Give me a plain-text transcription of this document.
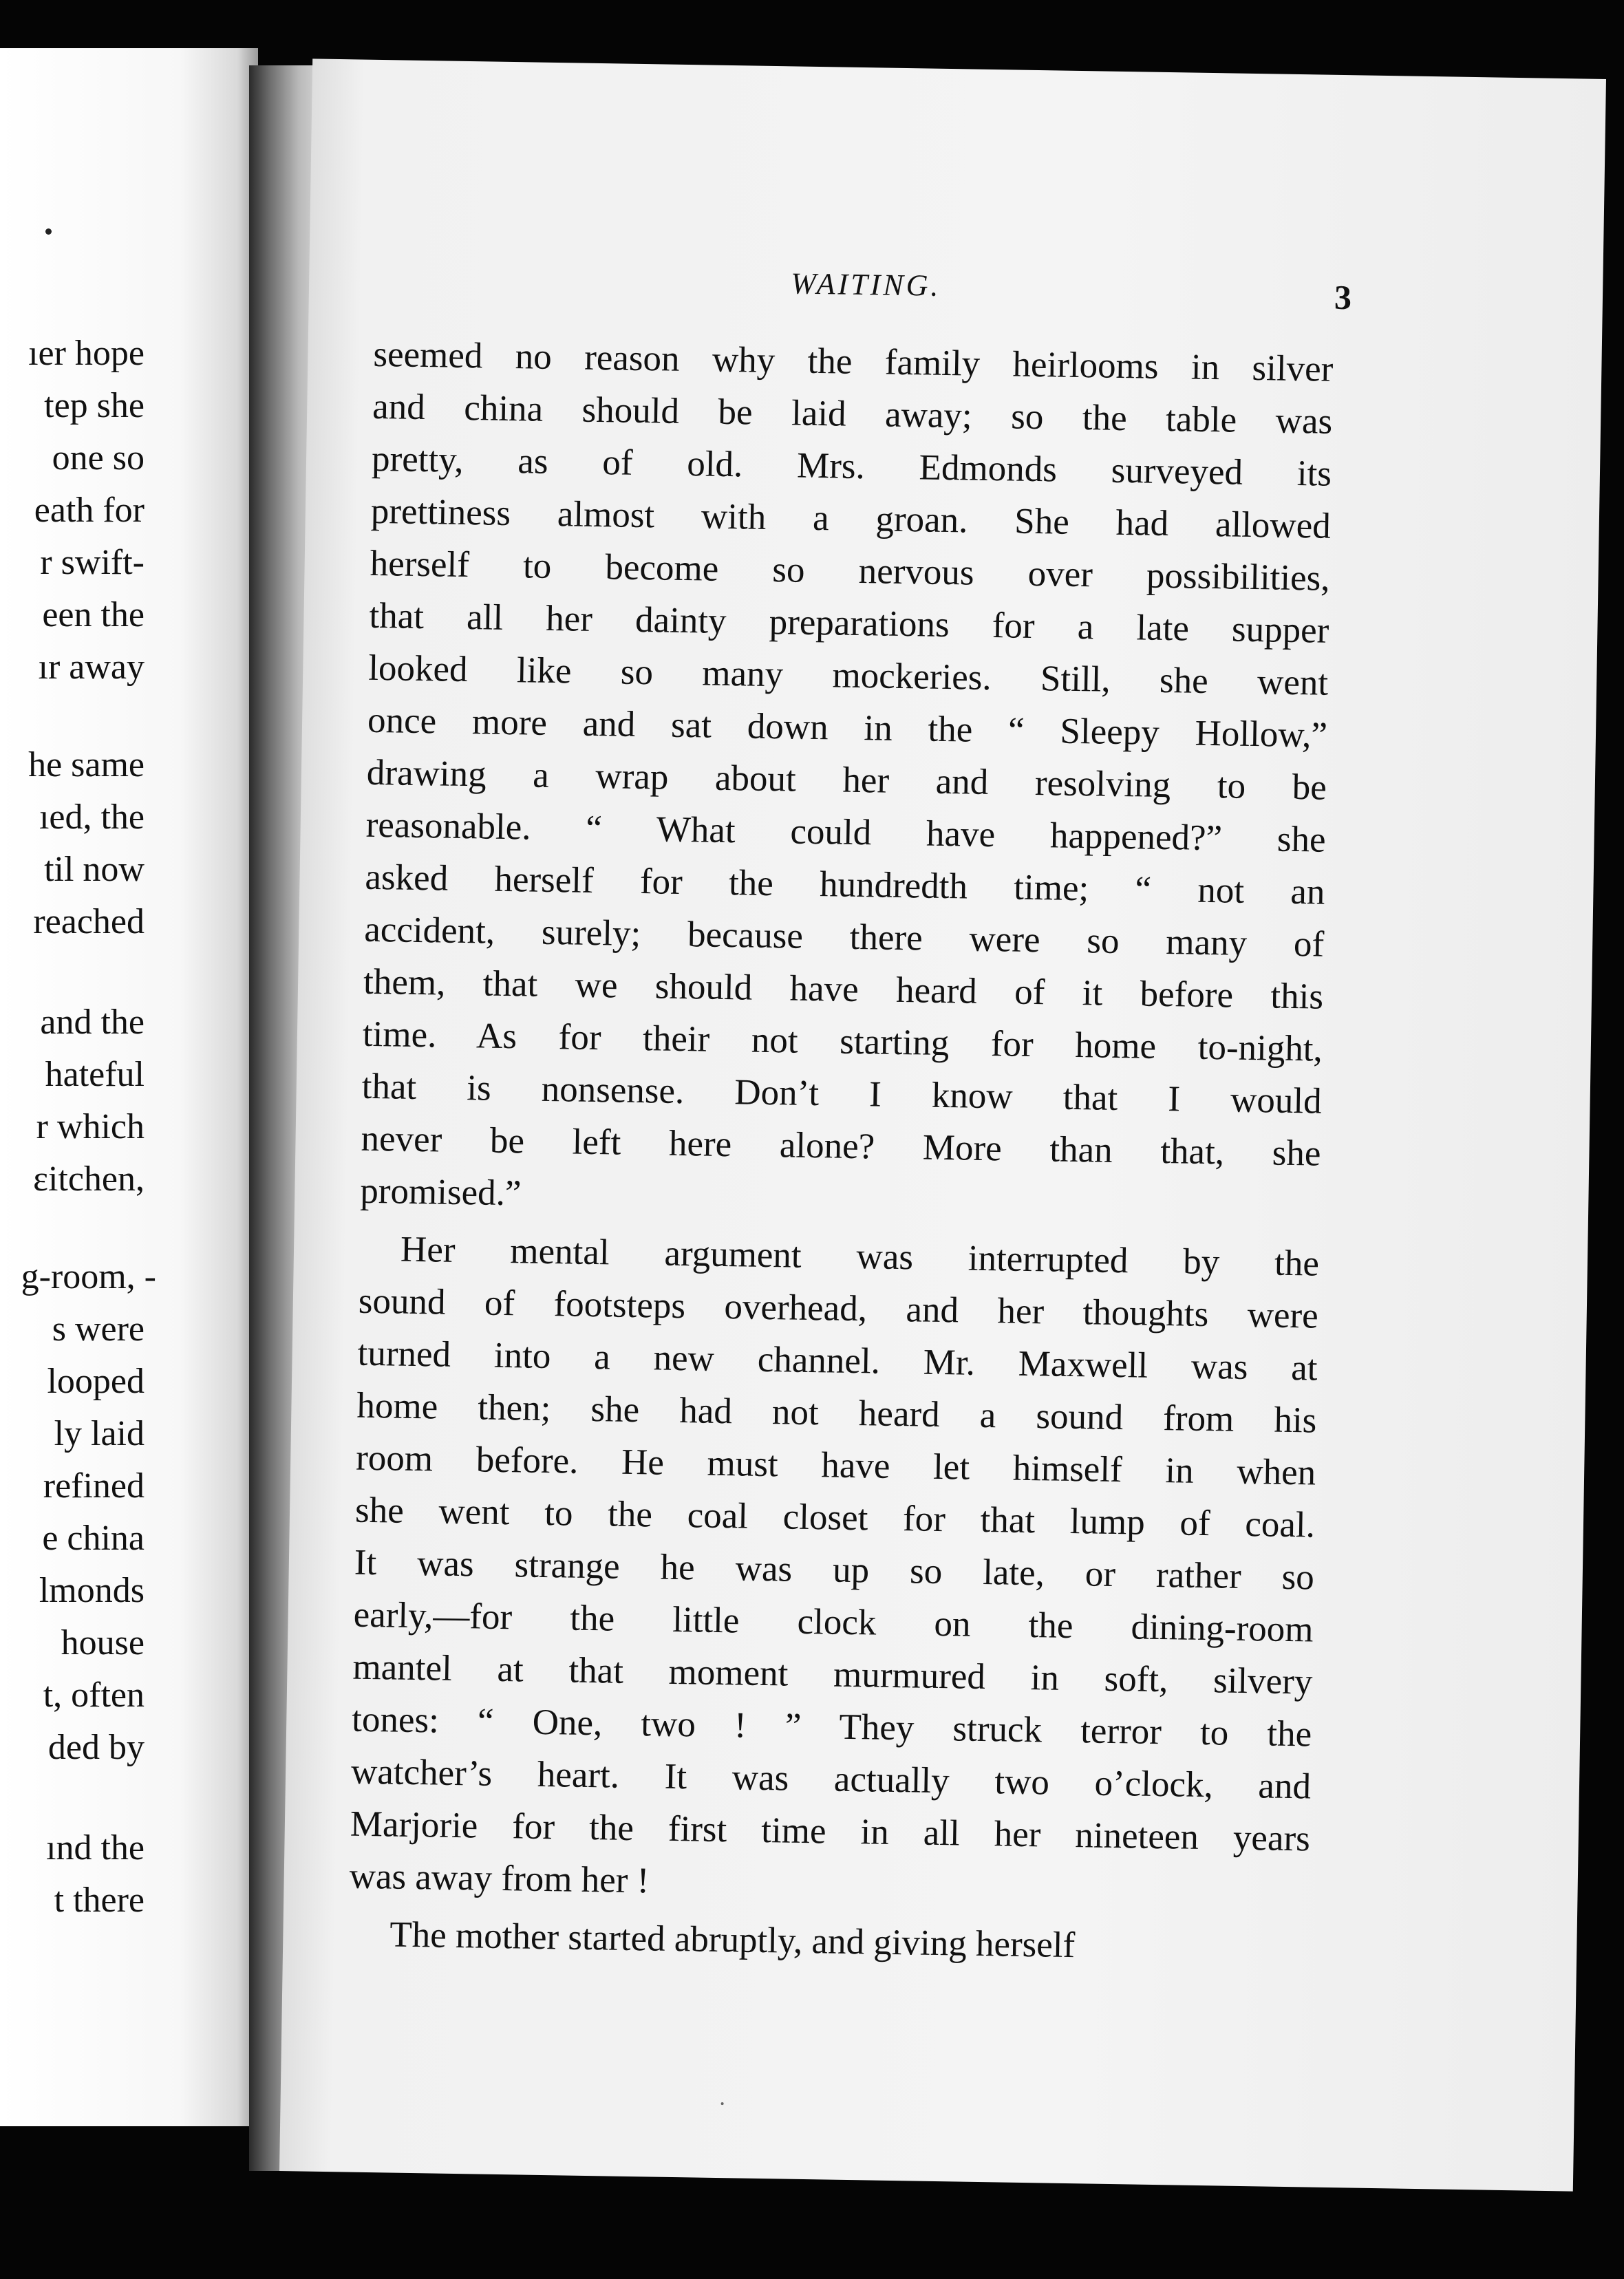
ıer hope
tep she
one so
eath for
r swift-
een the
ır away
he same
ıed, the
til now
reached
and the
hateful
r which
ɛitchen,
g-room, -
s were
looped
ly laid
refined
e china
lmonds
house
t, often
ded by
ınd the
t there
WAITING.	3
seemed no reason why the family heirlooms in silver
and china should be laid away; so the table was
pretty, as of old. Mrs. Edmonds surveyed its
prettiness almost with a groan. She had allowed
herself to become so nervous over possibilities,
that all her dainty preparations for a late supper
looked like so many mockeries. Still, she went
once more and sat down in the “ Sleepy Hollow,”
drawing a wrap about her and resolving to be
reasonable. “ What could have happened?” she
asked herself for the hundredth time; “ not an
accident, surely; because there were so many of
them, that we should have heard of it before this
time. As for their not starting for home to-night,
that is nonsense. Don’t I know that I would
never be left here alone? More than that, she
promised.”
Her mental argument was interrupted by the
sound of footsteps overhead, and her thoughts were
turned into a new channel. Mr. Maxwell was at
home then; she had not heard a sound from his
room before. He must have let himself in when
she went to the coal closet for that lump of coal.
It was strange he was up so late, or rather so
early,—for the little clock on the dining-room
mantel at that moment murmured in soft, silvery
tones: “ One, two ! ” They struck terror to the
watcher’s heart. It was actually two o’clock, and
Marjorie for the first time in all her nineteen years
was away from her !
The mother started abruptly, and giving herself
